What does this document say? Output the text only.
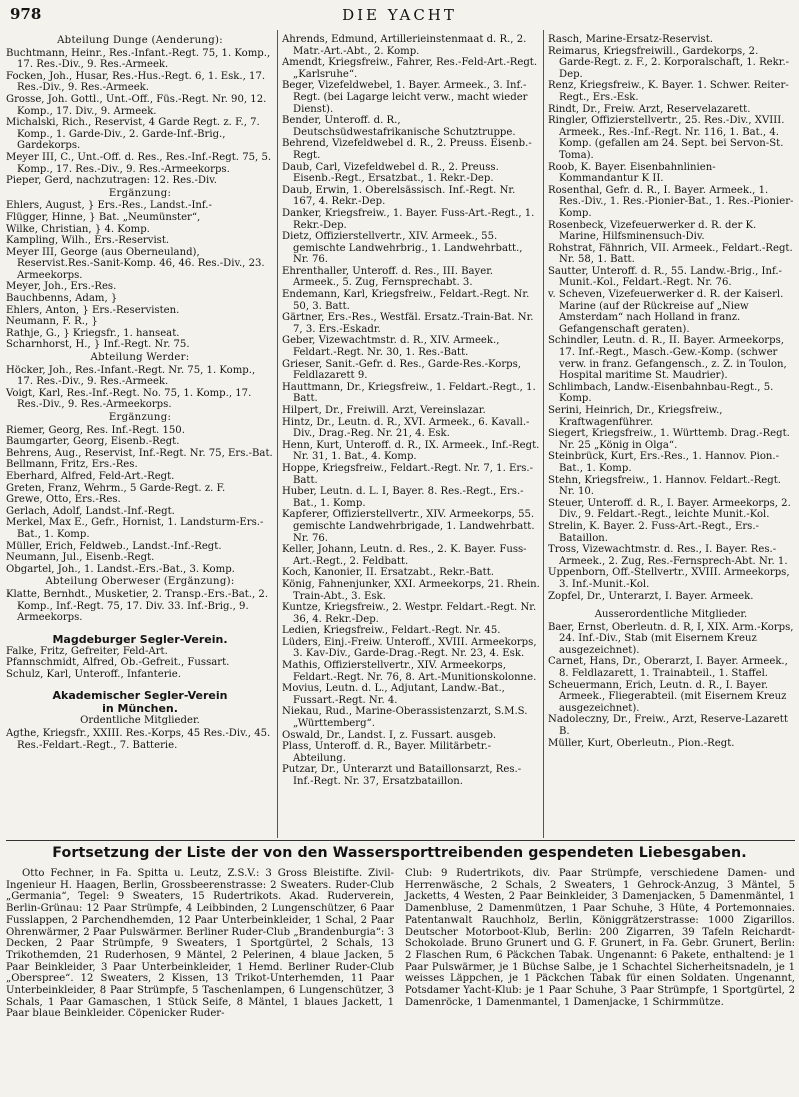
978	DIE YACHT
Abteilung Dunge (Aenderung):

Buchtmann, Heinr., Res.-Infant.-Regt. 75, 1. Komp., 17. Res.-Div., 9. Res.-Armeek.

Focken, Joh., Husar, Res.-Hus.-Regt. 6, 1. Esk., 17. Res.-Div., 9. Res.-Armeek.

Grosse, Joh. Gottl., Unt.-Off., Füs.-Regt. Nr. 90, 12. Komp., 17. Div., 9. Armeek.

Michalski, Rich., Reservist, 4 Garde Regt. z. F., 7. Komp., 1. Garde-Div., 2. Garde-Inf.-Brig., Gardekorps.

Meyer III, C., Unt.-Off. d. Res., Res.-Inf.-Regt. 75, 5. Komp., 17. Res.-Div., 9. Res.-Armeekorps.

Pieper, Gerd, nachzutragen: 12. Res.-Div.

Ergänzung:

Ehlers, August, } Ers.-Res., Landst.-Inf.-

Flügger, Hinne, } Bat. „Neumünster“,

Wilke, Christian, } 4. Komp.

Kampling, Wilh., Ers.-Reservist.

Meyer III, George (aus Oberneuland), Reservist.Res.-Sanit-Komp. 46, 46. Res.-Div., 23. Armeekorps.

Meyer, Joh., Ers.-Res.

Bauchbenns, Adam, }

Ehlers, Anton, } Ers.-Reservisten.

Neumann, F. R., }

Rathje, G., } Kriegsfr., 1. hanseat.

Scharnhorst, H., } Inf.-Regt. Nr. 75.

Abteilung Werder:

Höcker, Joh., Res.-Infant.-Regt. Nr. 75, 1. Komp., 17. Res.-Div., 9. Res.-Armeek.

Voigt, Karl, Res.-Inf.-Regt. No. 75, 1. Komp., 17. Res.-Div., 9. Res.-Armeekorps.

Ergänzung:

Riemer, Georg, Res. Inf.-Regt. 150.

Baumgarter, Georg, Eisenb.-Regt.

Behrens, Aug., Reservist, Inf.-Regt. Nr. 75, Ers.-Bat.

Bellmann, Fritz, Ers.-Res.

Eberhard, Alfred, Feld-Art.-Regt.

Greten, Franz, Wehrm., 5 Garde-Regt. z. F.

Grewe, Otto, Ers.-Res.

Gerlach, Adolf, Landst.-Inf.-Regt.

Merkel, Max E., Gefr., Hornist, 1. Landsturm-Ers.-Bat., 1. Komp.

Müller, Erich, Feldweb., Landst.-Inf.-Regt.

Neumann, Jul., Eisenb.-Regt.

Obgartel, Joh., 1. Landst.-Ers.-Bat., 3. Komp.

Abteilung Oberweser (Ergänzung):

Klatte, Bernhdt., Musketier, 2. Transp.-Ers.-Bat., 2. Komp., Inf.-Regt. 75, 17. Div. 33. Inf.-Brig., 9. Armeekorps.

Magdeburger Segler-Verein.

Falke, Fritz, Gefreiter, Feld-Art.

Pfannschmidt, Alfred, Ob.-Gefreit., Fussart.

Schulz, Karl, Unteroff., Infanterie.

Akademischer Segler-Verein
in München.
Ordentliche Mitglieder.

Agthe, Kriegsfr., XXIII. Res.-Korps, 45 Res.-Div., 45. Res.-Feldart.-Regt., 7. Batterie.

Ahrends, Edmund, Artillerieinstenmaat d. R., 2. Matr.-Art.-Abt., 2. Komp.

Amendt, Kriegsfreiw., Fahrer, Res.-Feld-Art.-Regt. „Karlsruhe“.

Beger, Vizefeldwebel, 1. Bayer. Armeek., 3. Inf.-Regt. (bei Lagarge leicht verw., macht wieder Dienst).

Bender, Unteroff. d. R., Deutschsüdwestafrikanische Schutztruppe.

Behrend, Vizefeldwebel d. R., 2. Preuss. Eisenb.-Regt.

Daub, Carl, Vizefeldwebel d. R., 2. Preuss. Eisenb.-Regt., Ersatzbat., 1. Rekr.-Dep.

Daub, Erwin, 1. Oberelsässisch. Inf.-Regt. Nr. 167, 4. Rekr.-Dep.

Danker, Kriegsfreiw., 1. Bayer. Fuss-Art.-Regt., 1. Rekr.-Dep.

Dietz, Offizierstellvertr., XIV. Armeek., 55. gemischte Landwehrbrig., 1. Landwehrbatt., Nr. 76.

Ehrenthaller, Unteroff. d. Res., III. Bayer. Armeek., 5. Zug, Fernsprechabt. 3.

Endemann, Karl, Kriegsfreiw., Feldart.-Regt. Nr. 50, 3. Batt.

Gärtner, Ers.-Res., Westfäl. Ersatz.-Train-Bat. Nr. 7, 3. Ers.-Eskadr.

Geber, Vizewachtmstr. d. R., XIV. Armeek., Feldart.-Regt. Nr. 30, 1. Res.-Batt.

Grieser, Sanit.-Gefr. d. Res., Garde-Res.-Korps, Feldlazarett 9.

Hauttmann, Dr., Kriegsfreiw., 1. Feldart.-Regt., 1. Batt.

Hilpert, Dr., Freiwill. Arzt, Vereinslazar.

Hintz, Dr., Leutn. d. R., XVI. Armeek., 6. Kavall.-Div., Drag.-Reg. Nr. 21, 4. Esk.

Henn, Kurt, Unteroff. d. R., IX. Armeek., Inf.-Regt. Nr. 31, 1. Bat., 4. Komp.

Hoppe, Kriegsfreiw., Feldart.-Regt. Nr. 7, 1. Ers.-Batt.

Huber, Leutn. d. L. I, Bayer. 8. Res.-Regt., Ers.-Bat., 1. Komp.

Kapferer, Offizierstellvertr., XIV. Armeekorps, 55. gemischte Landwehrbrigade, 1. Landwehrbatt. Nr. 76.

Keller, Johann, Leutn. d. Res., 2. K. Bayer. Fuss-Art.-Regt., 2. Feldbatt.

Koch, Kanonier, II. Ersatzabt., Rekr.-Batt.

König, Fahnenjunker, XXI. Armeekorps, 21. Rhein. Train-Abt., 3. Esk.

Kuntze, Kriegsfreiw., 2. Westpr. Feldart.-Regt. Nr. 36, 4. Rekr.-Dep.

Ledien, Kriegsfreiw., Feldart.-Regt. Nr. 45.

Lüders, Einj.-Freiw. Unteroff., XVIII. Armeekorps, 3. Kav-Div., Garde-Drag.-Regt. Nr. 23, 4. Esk.

Mathis, Offizierstellvertr., XIV. Armeekorps, Feldart.-Regt. Nr. 76, 8. Art.-Munitionskolonne.

Movius, Leutn. d. L., Adjutant, Landw.-Bat., Fussart.-Regt. Nr. 4.

Niekau, Rud., Marine-Oberassistenzarzt, S.M.S. „Württemberg“.

Oswald, Dr., Landst. I, z. Fussart. ausgeb.

Plass, Unteroff. d. R., Bayer. Militärbetr.-Abteilung.

Putzar, Dr., Unterarzt und Bataillonsarzt, Res.-Inf.-Regt. Nr. 37, Ersatzbataillon.

Rasch, Marine-Ersatz-Reservist.

Reimarus, Kriegsfreiwill., Gardekorps, 2. Garde-Regt. z. F., 2. Korporalschaft, 1. Rekr.-Dep.

Renz, Kriegsfreiw., K. Bayer. 1. Schwer. Reiter-Regt., Ers.-Esk.

Rindt, Dr., Freiw. Arzt, Reservelazarett.

Ringler, Offizierstellvertr., 25. Res.-Div., XVIII. Armeek., Res.-Inf.-Regt. Nr. 116, 1. Bat., 4. Komp. (gefallen am 24. Sept. bei Servon-St. Toma).

Roob, K. Bayer. Eisenbahnlinien-Kommandantur K II.

Rosenthal, Gefr. d. R., I. Bayer. Armeek., 1. Res.-Div., 1. Res.-Pionier-Bat., 1. Res.-Pionier-Komp.

Rosenbeck, Vizefeuerwerker d. R. der K. Marine, Hilfsminensuch-Div.

Rohstrat, Fähnrich, VII. Armeek., Feldart.-Regt. Nr. 58, 1. Batt.

Sautter, Unteroff. d. R., 55. Landw.-Brig., Inf.-Munit.-Kol., Feldart.-Regt. Nr. 76.

v. Scheven, Vizefeuerwerker d. R. der Kaiserl. Marine (auf der Rückreise auf „Niew Amsterdam“ nach Holland in franz. Gefangenschaft geraten).

Schindler, Leutn. d. R., II. Bayer. Armeekorps, 17. Inf.-Regt., Masch.-Gew.-Komp. (schwer verw. in franz. Gefangensch., z. Z. in Toulon, Hospital maritime St. Maudrier).

Schlimbach, Landw.-Eisenbahnbau-Regt., 5. Komp.

Serini, Heinrich, Dr., Kriegsfreiw., Kraftwagenführer.

Siegert, Kriegsfreiw., 1. Württemb. Drag.-Regt. Nr. 25 „König in Olga“.

Steinbrück, Kurt, Ers.-Res., 1. Hannov. Pion.-Bat., 1. Komp.

Stehn, Kriegsfreiw., 1. Hannov. Feldart.-Regt. Nr. 10.

Steuer, Unteroff. d. R., I. Bayer. Armeekorps, 2. Div., 9. Feldart.-Regt., leichte Munit.-Kol.

Strelin, K. Bayer. 2. Fuss-Art.-Regt., Ers.-Bataillon.

Tross, Vizewachtmstr. d. Res., I. Bayer. Res.-Armeek., 2. Zug, Res.-Fernsprech-Abt. Nr. 1.

Uppenborn, Off.-Stellvertr., XVIII. Armeekorps, 3. Inf.-Munit.-Kol.

Zopfel, Dr., Unterarzt, I. Bayer. Armeek.

Ausserordentliche Mitglieder.

Baer, Ernst, Oberleutn. d. R, I, XIX. Arm.-Korps, 24. Inf.-Div., Stab (mit Eisernem Kreuz ausgezeichnet).

Carnet, Hans, Dr., Oberarzt, I. Bayer. Armeek., 8. Feldlazarett, 1. Trainabteil., 1. Staffel.

Scheuermann, Erich, Leutn. d. R., I. Bayer. Armeek., Fliegerabteil. (mit Eisernem Kreuz ausgezeichnet).

Nadoleczny, Dr., Freiw., Arzt, Reserve-Lazarett B.

Müller, Kurt, Oberleutn., Pion.-Regt.

Fortsetzung der Liste der von den Wassersporttreibenden gespendeten Liebesgaben.
Otto Fechner, in Fa. Spitta u. Leutz, Z.S.V.: 3 Gross Bleistifte. Zivil-Ingenieur H. Haagen, Berlin, Grossbeerenstrasse: 2 Sweaters. Ruder-Club „Germania“, Tegel: 9 Sweaters, 15 Rudertrikots. Akad. Ruderverein, Berlin-Grünau: 12 Paar Strümpfe, 4 Leibbinden, 2 Lungenschützer, 6 Paar Fusslappen, 2 Parchendhemden, 12 Paar Unterbeinkleider, 1 Schal, 2 Paar Ohrenwärmer, 2 Paar Pulswärmer. Berliner Ruder-Club „Brandenburgia“: 3 Decken, 2 Paar Strümpfe, 9 Sweaters, 1 Sportgürtel, 2 Schals, 13 Trikothemden, 21 Ruderhosen, 9 Mäntel, 2 Pelerinen, 4 blaue Jacken, 5 Paar Beinkleider, 3 Paar Unterbeinkleider, 1 Hemd. Berliner Ruder-Club „Oberspree“. 12 Sweaters, 2 Kissen, 13 Trikot-Unterhemden, 11 Paar Unterbeinkleider, 8 Paar Strümpfe, 5 Taschenlampen, 6 Lungenschützer, 3 Schals, 1 Paar Gamaschen, 1 Stück Seife, 8 Mäntel, 1 blaues Jackett, 1 Paar blaue Beinkleider. Cöpenicker Ruder-
Club: 9 Rudertrikots, div. Paar Strümpfe, verschiedene Damen- und Herrenwäsche, 2 Schals, 2 Sweaters, 1 Gehrock-Anzug, 3 Mäntel, 5 Jacketts, 4 Westen, 2 Paar Beinkleider, 3 Damenjacken, 5 Damenmäntel, 1 Damenbluse, 2 Damenmützen, 1 Paar Schuhe, 3 Hüte, 4 Portemonnaies. Patentanwalt Rauchholz, Berlin, Königgrätzerstrasse: 1000 Zigarillos. Deutscher Motorboot-Klub, Berlin: 200 Zigarren, 39 Tafeln Reichardt-Schokolade. Bruno Grunert und G. F. Grunert, in Fa. Gebr. Grunert, Berlin: 2 Flaschen Rum, 6 Päckchen Tabak. Ungenannt: 6 Pakete, enthaltend: je 1 Paar Pulswärmer, je 1 Büchse Salbe, je 1 Schachtel Sicherheitsnadeln, je 1 weisses Läppchen, je 1 Päckchen Tabak für einen Soldaten. Ungenannt, Potsdamer Yacht-Klub: je 1 Paar Schuhe, 3 Paar Strümpfe, 1 Sportgürtel, 2 Damenröcke, 1 Damenmantel, 1 Damenjacke, 1 Schirmmütze.
